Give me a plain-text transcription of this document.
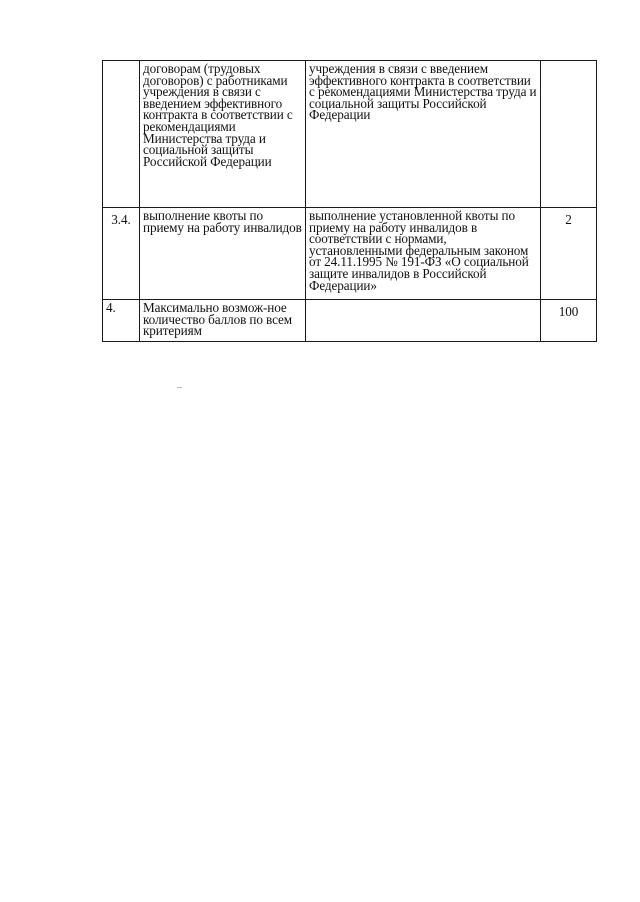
	договорам (трудовых договоров) с работниками учреждения в связи с введением эффективного контракта в соответствии с рекомендациями Министерства труда и социальной защиты Российской Федерации	учреждения в связи с введением эффективного контракта в соответствии с рекомендациями Министерства труда и социальной защиты Российской Федерации	

3.4.	выполнение квоты по приему на работу инвалидов	выполнение установленной квоты по приему на работу инвалидов в соответствии с нормами, установленными федеральным законом от 24.11.1995 № 191-ФЗ «О социальной защите инвалидов в Российской Федерации»	2
4.	Максимально возмож-ное количество баллов по всем критериям		100
